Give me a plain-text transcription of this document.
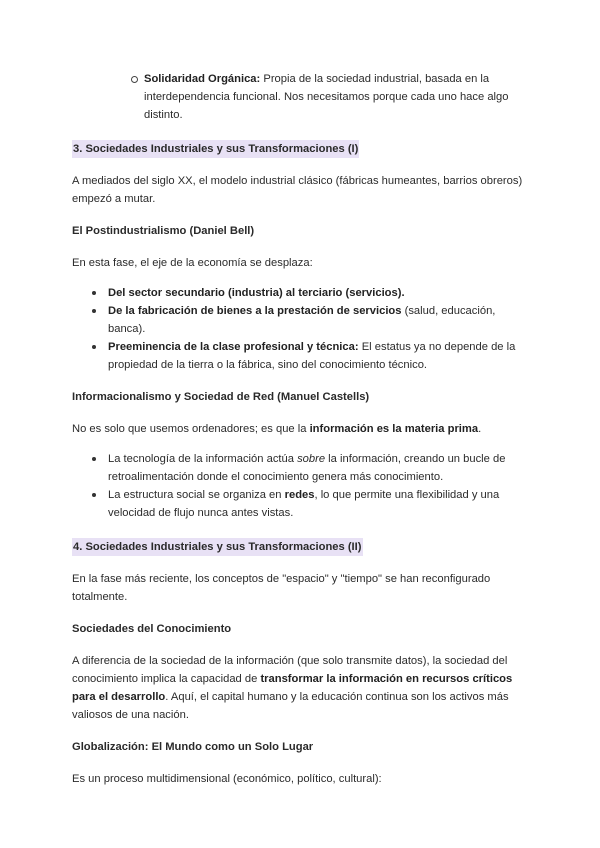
Solidaridad Orgánica: Propia de la sociedad industrial, basada en la interdependencia funcional. Nos necesitamos porque cada uno hace algo distinto.
3. Sociedades Industriales y sus Transformaciones (I)

A mediados del siglo XX, el modelo industrial clásico (fábricas humeantes, barrios obreros) empezó a mutar.

El Postindustrialismo (Daniel Bell)

En esta fase, el eje de la economía se desplaza:

Del sector secundario (industria) al terciario (servicios).
De la fabricación de bienes a la prestación de servicios (salud, educación, banca).
Preeminencia de la clase profesional y técnica: El estatus ya no depende de la propiedad de la tierra o la fábrica, sino del conocimiento técnico.

Informacionalismo y Sociedad de Red (Manuel Castells)

No es solo que usemos ordenadores; es que la información es la materia prima.

La tecnología de la información actúa sobre la información, creando un bucle de retroalimentación donde el conocimiento genera más conocimiento.
La estructura social se organiza en redes, lo que permite una flexibilidad y una velocidad de flujo nunca antes vistas.
4. Sociedades Industriales y sus Transformaciones (II)

En la fase más reciente, los conceptos de "espacio" y "tiempo" se han reconfigurado totalmente.

Sociedades del Conocimiento

A diferencia de la sociedad de la información (que solo transmite datos), la sociedad del conocimiento implica la capacidad de transformar la información en recursos críticos para el desarrollo. Aquí, el capital humano y la educación continua son los activos más valiosos de una nación.

Globalización: El Mundo como un Solo Lugar

Es un proceso multidimensional (económico, político, cultural):
